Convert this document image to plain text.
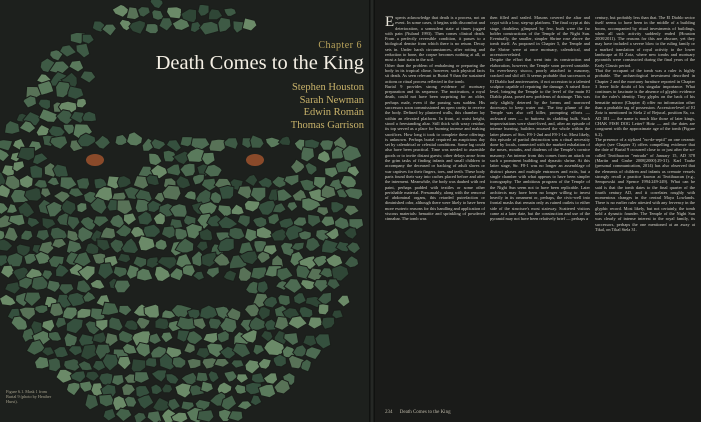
Chapter 6
Death Comes to the King
Stephen Houston
Sarah Newman
Edwin Román
Thomas Garrison
Figure 6.1. Mask 1 from
Burial 9 (photo by Heather
Hurst).

Experts acknowledge that death is a process, not an event. In some cases, it begins with discomfort and deterioration, a somnolent state at times jogged with pain (Nuland 1993). Then comes clinical death. From a perfectly reversible condition, it passes to a biological demise from which there is no return. Decay sets in. Under harsh circumstances, after rotting and reduction to bone, the corpse becomes nothing at all, at most a faint stain in the soil.

Other than the problem of embalming or preparing the body in its tropical clime, however, such physical facts sit death. As seen relevant to Burial 9 than the sustained actions or ritual process reflected in the tomb.

Burial 9 provides strong evidence of mortuary preparation and its sequence. The motivation, a royal death, could not have been surprising for an older, perhaps male, even if the passing was sudden. His successors soon commissioned an open cavity to receive the body. Defined by plastered walls, this chamber lay within an elevated platform. In front, at waist height, stood a freestanding altar. Still thick with waxy residue, its top served as a place for burning incense and making sacrifices. How long it took to complete these offerings is unknown. Perhaps burial required an auspicious day set by calendrical or celestial conditions. Some lag could also have been practical. Time was needed to assemble goods or to invite distant guests; other delays arose from the grim tasks of finding infants and small children to accompany the deceased or backing of adult slaves or war captives for their fingers, toes, and teeth. These body parts found their way into caches placed before and after the interment. Meanwhile, the body was daubed with red paint, perhaps padded with textiles or some other perishable material. Presumably, along with the removal of abdominal organs, this retarded putrefaction or diminished odor, although there were likely to have been more esoteric reasons for this handling and application of viscous materials: hematite and sprinkling of powdered cinnabar. The tomb was

then filled and sealed. Masons covered the altar and crypt with a low, step-up platform. The final crypt at this stage, doubtless glimpsed by few, built were the far bolder constructions of the Temple of the Night Sun. Eventually, the smaller, simpler Shrine rose above the tomb itself. As proposed in Chapter 5, the Temple and the Shrine were at once mortuary, calendrical, and accession-related.

Despite the effort that went into its construction and elaboration, however, the Temple soon proved unstable. Its even-heavy stucco, poorly attached to masonry, cracked and slid off. It seems probable that successors at El Diablo had anniversaries, if not accession to a talented sculptor capable of repairing the damage. A raised floor level, bringing the Temple to the level of the main El Diablo plaza, posed new problems of drainage. This was only slightly deterred by the berms and narrowed doorways to keep water out. The tiny plume of the Temple was also cell killer, prompting efforts — awkward ones — to buttress its cladding bulk. Such improvisations were short-lived, and, after an episode of intense burning, builders encased the whole within the latter phases of Strs. F8-1-2nd and F8-1-1st. Most likely, this episode of partial destruction was a ritual necessity done by locals, connected with the marked exhalation of the noses, mouths, and diadems of the Temple's cornice masonry. An intense from this comes from an attack on such a prominent building and dynastic shrine. At this latter stage, Str. F8-1 was no longer an assemblage of distinct phases and multiple entrances and exits, but a single chamber with what appears to have been simpler iconography. The ambitious program of the Temple of the Night Sun seem not to have been replicable. Later architects may have been no longer willing to invest heavily in its ornament or, perhaps, the civic-well into frontal masks that remain only as ruined outlets to either side of the structure's most stairway. Scattered visitors came at a later date, but the construction and use of the pyramid may not have been relatively brief — perhaps a

century, but probably less than that. The El Diablo sector itself seems to have been in the middle of a building boom, accompanied by ritual investments of buildings, when all such activity suddenly ended (Houston 2008/2011). The reasons for this are obscure, yet they may have included a severe blow to the ruling family or a marked translation of royal activity to the lower landscape at El Zotz, where new tombs and mortuary pyramids were constructed during the final years of the Early Classic period.

That the occupant of the tomb was a ruler is highly probable. The archaeological investment described in Chapter 2 and the mortuary furniture reported in Chapter 3 leave little doubt of his singular importance. What continues to fascinate is the absence of glyphic evidence for the ruler's identity. Tiny glyphs on the back of his hematite mirror (Chapter 4) offer no information other than a probable tag of possession. Accession-level of El Zotz is mentioned in Stela 2 of Bejucal, position 8a, ca. AD 381 — the name is much like those of later kings, CHAK FISH DOG Letter? Hotz — and the dates are congruent with the approximate age of the tomb (Figure 6.2).

The presence of a stylized "no-de-reptil" on one ceramic object (see Chapter 3) offers compelling evidence that the date of Burial 9 occurred close to or just after the so-called Teotihuacan "entrada" of January 15, AD 378 (Martin and Grube 2008[2000]:29-31). Karl Taube (personal communication, 2014) has also observed that the elements of children and infants as cremate vessels strongly recall a practice known at Teotihuacan (e.g., Sempowski and Spence 1994:249-249). What can be said is that the tomb dates to the final quarter of the fourth century AD, and it correlates roughly with momentous changes in the central Maya Lowlands. There is no earlier ruler attested with any fervency in the glyphic record. Most likely, but not certainly, the tomb held a dynastic founder. The Temple of the Night Sun was clearly of intense interest to the royal family, its successors, perhaps the one mentioned at an away at Tikal, on Tikal Stela 31.

234 Death Comes to the King
